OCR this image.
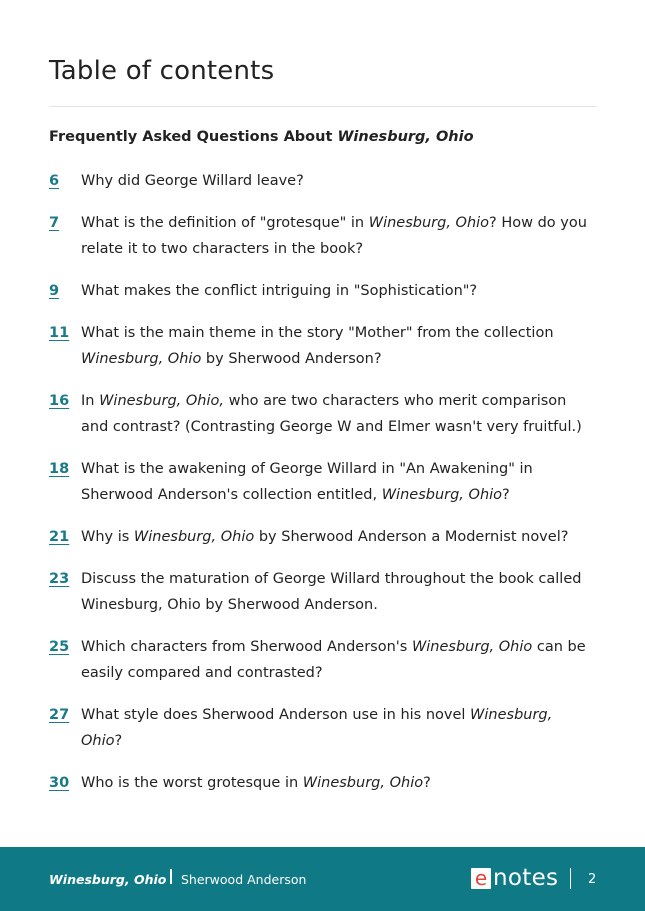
Table of contents
Frequently Asked Questions About Winesburg, Ohio
6 Why did George Willard leave?
7 What is the definition of "grotesque" in Winesburg, Ohio? How do you relate it to two characters in the book?
9 What makes the conflict intriguing in "Sophistication"?
11 What is the main theme in the story "Mother" from the collection Winesburg, Ohio by Sherwood Anderson?
16 In Winesburg, Ohio, who are two characters who merit comparison and contrast? (Contrasting George W and Elmer wasn't very fruitful.)
18 What is the awakening of George Willard in "An Awakening" in Sherwood Anderson's collection entitled, Winesburg, Ohio?
21 Why is Winesburg, Ohio by Sherwood Anderson a Modernist novel?
23 Discuss the maturation of George Willard throughout the book called Winesburg, Ohio by Sherwood Anderson.
25 Which characters from Sherwood Anderson's Winesburg, Ohio can be easily compared and contrasted?
27 What style does Sherwood Anderson use in his novel Winesburg, Ohio?
30 Who is the worst grotesque in Winesburg, Ohio?
Winesburg, Ohio Sherwood Anderson	e notes 2
